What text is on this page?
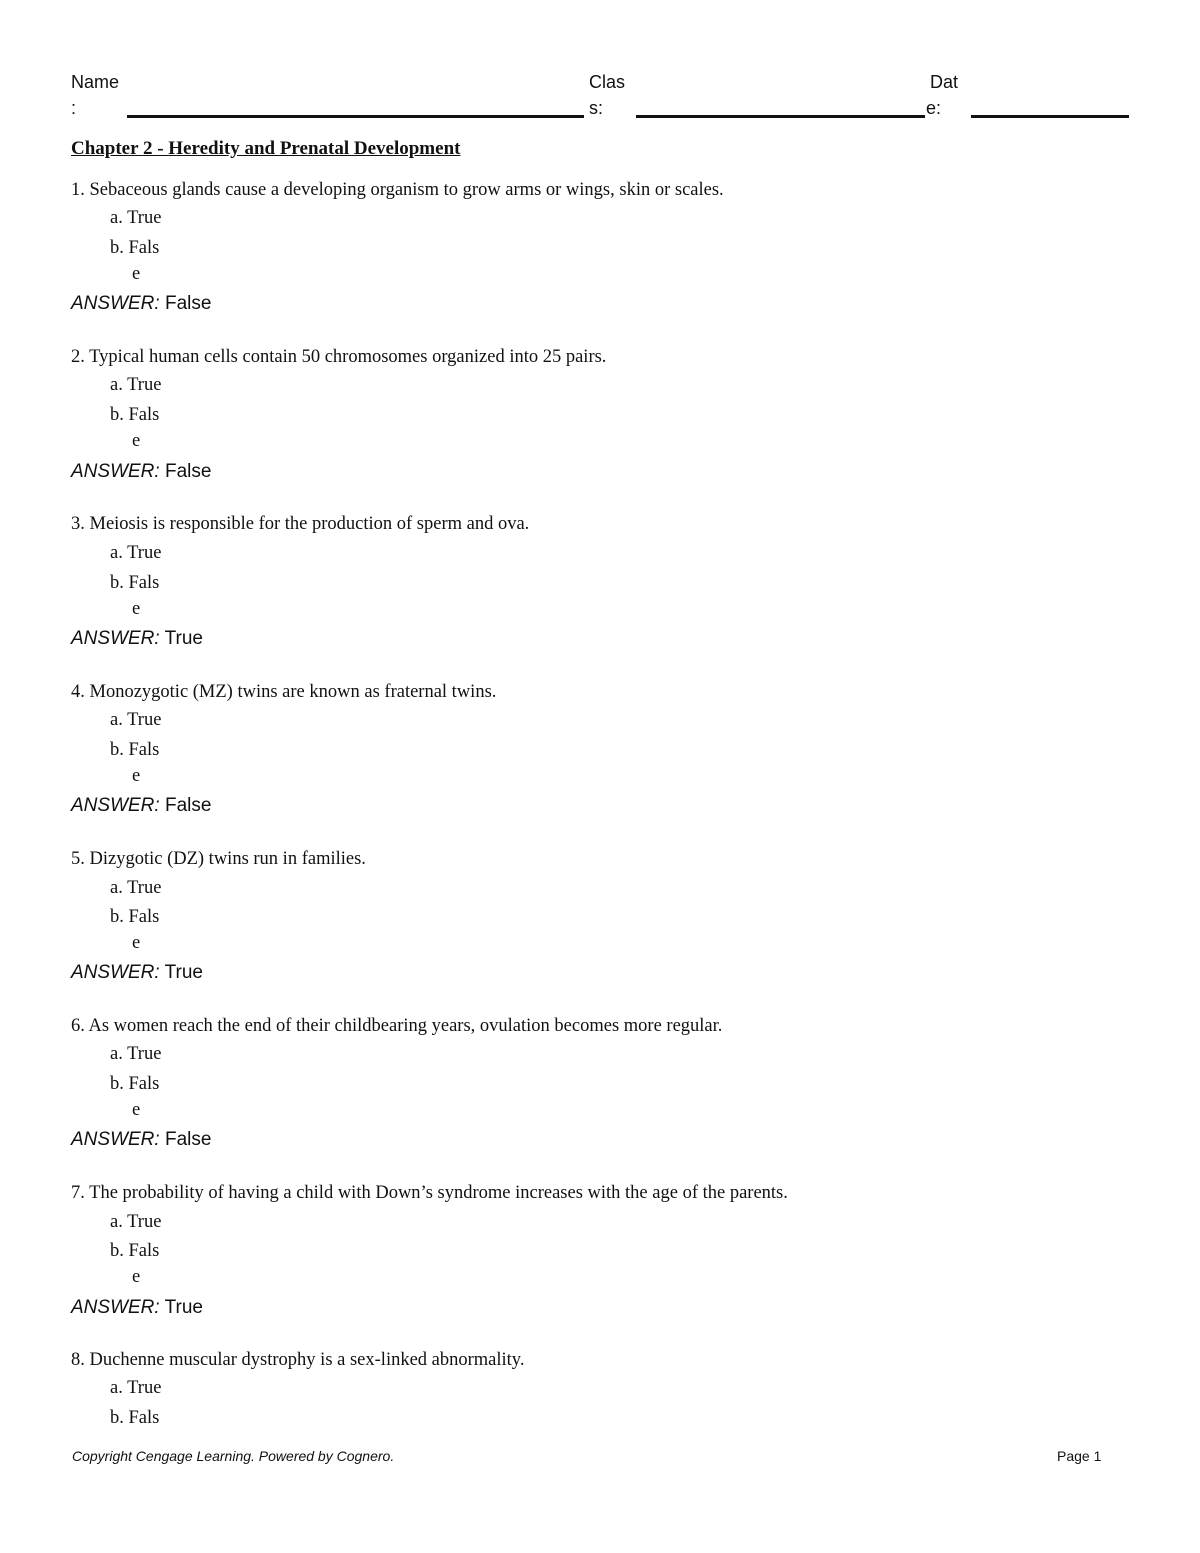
Name
:
Clas
s:
Dat
e:
Chapter 2 - Heredity and Prenatal Development
1. Sebaceous glands cause a developing organism to grow arms or wings, skin or scales.
a. True
b. Fals
e
ANSWER: False
2. Typical human cells contain 50 chromosomes organized into 25 pairs.
a. True
b. Fals
e
ANSWER: False
3. Meiosis is responsible for the production of sperm and ova.
a. True
b. Fals
e
ANSWER: True
4. Monozygotic (MZ) twins are known as fraternal twins.
a. True
b. Fals
e
ANSWER: False
5. Dizygotic (DZ) twins run in families.
a. True
b. Fals
e
ANSWER: True
6. As women reach the end of their childbearing years, ovulation becomes more regular.
a. True
b. Fals
e
ANSWER: False
7. The probability of having a child with Down’s syndrome increases with the age of the parents.
a. True
b. Fals
e
ANSWER: True
8. Duchenne muscular dystrophy is a sex-linked abnormality.
a. True
b. Fals
Copyright Cengage Learning. Powered by Cognero.	Page 1
